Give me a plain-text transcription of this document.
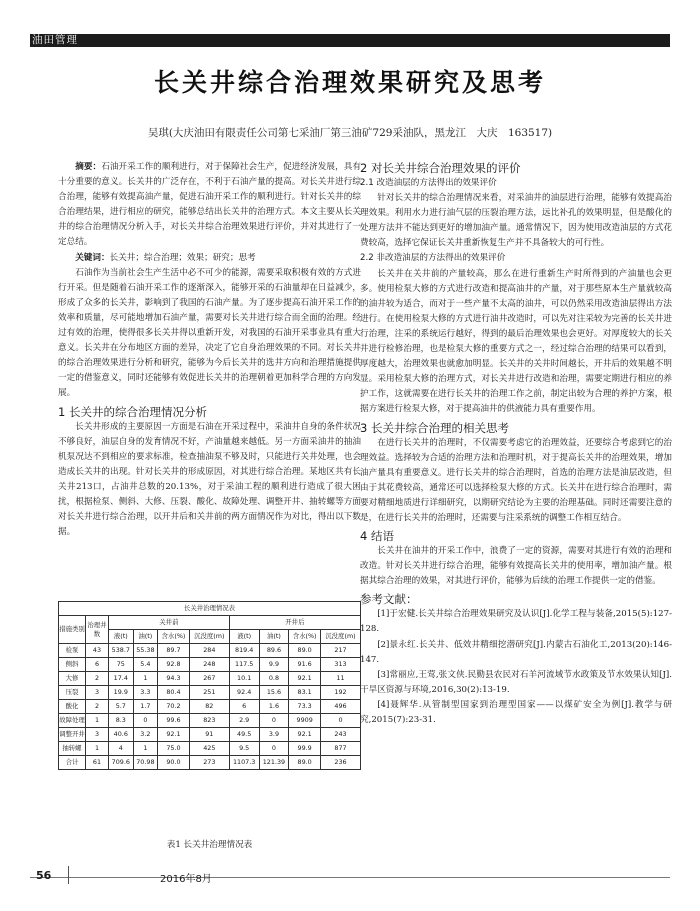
油田管理
长关井综合治理效果研究及思考
吴琪(大庆油田有限责任公司第七采油厂第三油矿729采油队，黑龙江　大庆　163517)

摘要：石油开采工作的顺利进行，对于保障社会生产，促进经济发展，具有十分重要的意义。长关井的广泛存在，不利于石油产量的提高。对长关井进行综合治理，能够有效提高油产量，促进石油开采工作的顺利进行。针对长关井的综合治理结果，进行相应的研究，能够总结出长关井的治理方式。本文主要从长关井的综合治理情况分析入手，对长关井综合治理效果进行评价，并对其进行了一定总结。

关键词：长关井；综合治理；效果；研究；思考

石油作为当前社会生产生活中必不可少的能源，需要采取积极有效的方式进行开采。但是随着石油开采工作的逐渐深入，能够开采的石油量却在日益减少，形成了众多的长关井，影响到了我国的石油产量。为了逐步提高石油开采工作的效率和质量，尽可能地增加石油产量，需要对长关井进行综合而全面的治理。经过有效的治理，使得很多长关井得以重新开发，对我国的石油开采事业具有重大意义。长关井在分布地区方面的差异，决定了它自身治理效果的不同。对长关井的综合治理效果进行分析和研究，能够为今后长关井的选井方向和治理措施提供一定的借鉴意义，同时还能够有效促进长关井的治理朝着更加科学合理的方向发展。

1 长关井的综合治理情况分析

长关井形成的主要原因一方面是石油在开采过程中，采油井自身的条件状况不够良好，油层自身的发育情况不好，产油量越来越低。另一方面采油井的抽油机泵况达不到相应的要求标准，检查抽油泵不够及时，只能进行关井处理，也会造成长关井的出现。针对长关井的形成原因，对其进行综合治理。某地区共有长关井213口，占油井总数的20.13%，对于采油工程的顺利进行造成了很大困扰，根据检泵、侧斜、大修、压裂、酸化、故障处理、调整开井、抽转螺等方面对长关井进行综合治理，以开井后和关井前的两方面情况作为对比，得出以下数据。

长关井治理情况表									
措施类别	治理井数	关井前				开井后			
		液(t)	油(t)	含水(%)	沉没度(m)	液(t)	油(t)	含水(%)	沉没度(m)
检泵	43	538.7	55.38	89.7	284	819.4	89.6	89.0	217
侧斜	6	75	5.4	92.8	248	117.5	9.9	91.6	313
大修	2	17.4	1	94.3	267	10.1	0.8	92.1	11
压裂	3	19.9	3.3	80.4	251	92.4	15.6	83.1	192
酸化	2	5.7	1.7	70.2	82	6	1.6	73.3	496
故障处理	1	8.3	0	99.6	823	2.9	0	9909	0
调整开井	3	40.6	3.2	92.1	91	49.5	3.9	92.1	243
抽转螺	1	4	1	75.0	425	9.5	0	99.9	877
合计	61	709.6	70.98	90.0	273	1107.3	121.39	89.0	236
表1 长关井治理情况表
2 对长关井综合治理效果的评价
2.1 改造油层的方法得出的效果评价

针对长关井的综合治理情况来看，对采油井的油层进行治理，能够有效提高治理效果。利用水力进行油气层的压裂治理方法，远比补孔的效果明显，但是酸化的处理方法并不能达到更好的增加油产量。通常情况下，因为使用改造油层的方式花费较高，选择它保证长关井重新恢复生产并不具备较大的可行性。

2.2 非改造油层的方法得出的效果评价

长关井在关井前的产量较高，那么在进行重新生产时所得到的产油量也会更多。使用检泵大修的方式进行改造和提高油井的产量，对于那些原本生产量就较高的油井较为适合，而对于一些产量不太高的油井，可以仍然采用改造油层得出方法进行。在使用检泵大修的方式进行油井改造时，可以先对注采较为完善的长关井进行治理，注采的系统运行越好，得到的最后治理效果也会更好。对厚度较大的长关井进行检修治理，也是检泵大修的重要方式之一，经过综合治理的结果可以看到，厚度越大，治理效果也就愈加明显。长关井的关井时间越长，开井后的效果越不明显。采用检泵大修的治理方式，对长关井进行改造和治理，需要定期进行相应的养护工作，这就需要在进行长关井的治理工作之前，制定出较为合理的养护方案，根据方案进行检泵大修，对于提高油井的供液能力具有重要作用。

3 长关井综合治理的相关思考

在进行长关井的治理时，不仅需要考虑它的治理效益，还要综合考虑到它的治理效益。选择较为合适的治理方法和治理时机，对于提高长关井的治理效果，增加油产量具有重要意义。进行长关井的综合治理时，首选的治理方法是油层改造，但由于其花费较高，通常还可以选择检泵大修的方式。长关井在进行综合治理时，需要对精细地质进行详细研究，以期研究结论为主要的治理基础。同时还需要注意的是，在进行长关井的治理时，还需要与注采系统的调整工作相互结合。

4 结语

长关井在油井的开采工作中，浪费了一定的资源，需要对其进行有效的治理和改造。针对长关井进行综合治理，能够有效提高长关井的使用率，增加油产量。根据其综合治理的效果，对其进行评价，能够为后续的治理工作提供一定的借鉴。

参考文献：

[1]于宏健.长关井综合治理效果研究及认识[J].化学工程与装备,2015(5):127-128.

[2]景永红.长关井、低效井精细挖潜研究[J].内蒙古石油化工,2013(20):146-147.

[3]常丽应,王莺,张文侠.民勤县农民对石羊河流域节水政策及节水效果认知[J].干旱区资源与环境,2016,30(2):13-19.

[4]聂辉华.从管制型国家到治理型国家——以煤矿安全为例[J].教学与研究,2015(7):23-31.

56	2016年8月
